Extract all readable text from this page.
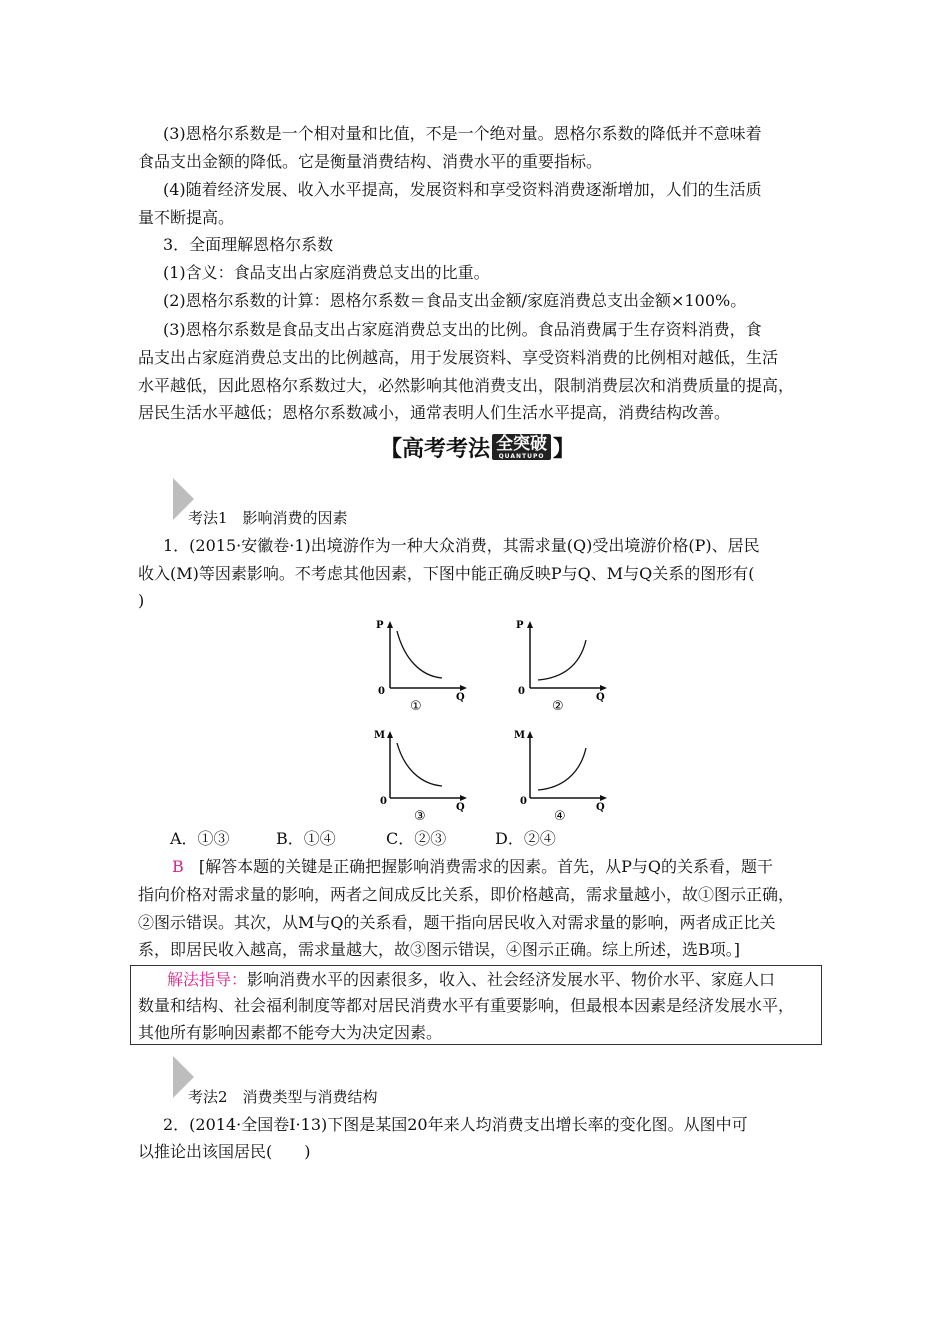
(3)恩格尔系数是一个相对量和比值，不是一个绝对量。恩格尔系数的降低并不意味着
食品支出金额的降低。它是衡量消费结构、消费水平的重要指标。
(4)随着经济发展、收入水平提高，发展资料和享受资料消费逐渐增加，人们的生活质
量不断提高。
3．全面理解恩格尔系数
(1)含义：食品支出占家庭消费总支出的比重。
(2)恩格尔系数的计算：恩格尔系数＝食品支出金额/家庭消费总支出金额×100%。
(3)恩格尔系数是食品支出占家庭消费总支出的比例。食品消费属于生存资料消费，食
品支出占家庭消费总支出的比例越高，用于发展资料、享受资料消费的比例相对越低，生活
水平越低，因此恩格尔系数过大，必然影响其他消费支出，限制消费层次和消费质量的提高，
居民生活水平越低；恩格尔系数减小，通常表明人们生活水平提高，消费结构改善。
【 高考考法 全突破
QUANTUPO 】
考法1　影响消费的因素
1．(2015·安徽卷·1)出境游作为一种大众消费，其需求量(Q)受出境游价格(P)、居民
收入(M)等因素影响。不考虑其他因素，下图中能正确反映P与Q、M与Q关系的图形有(
)
P
0
Q
①
P
0
Q
②
M
0
Q
③
M
0
Q
④
A．①③	B．①④	C．②③	D．②④
B [解答本题的关键是正确把握影响消费需求的因素。首先，从P与Q的关系看，题干
指向价格对需求量的影响，两者之间成反比关系，即价格越高，需求量越小，故①图示正确，
②图示错误。其次，从M与Q的关系看，题干指向居民收入对需求量的影响，两者成正比关
系，即居民收入越高，需求量越大，故③图示错误，④图示正确。综上所述，选B项。]
解法指导：影响消费水平的因素很多，收入、社会经济发展水平、物价水平、家庭人口
数量和结构、社会福利制度等都对居民消费水平有重要影响，但最根本因素是经济发展水平，
其他所有影响因素都不能夸大为决定因素。
考法2　消费类型与消费结构
2．(2014·全国卷Ⅰ·13)下图是某国20年来人均消费支出增长率的变化图。从图中可
以推论出该国居民(　　)
